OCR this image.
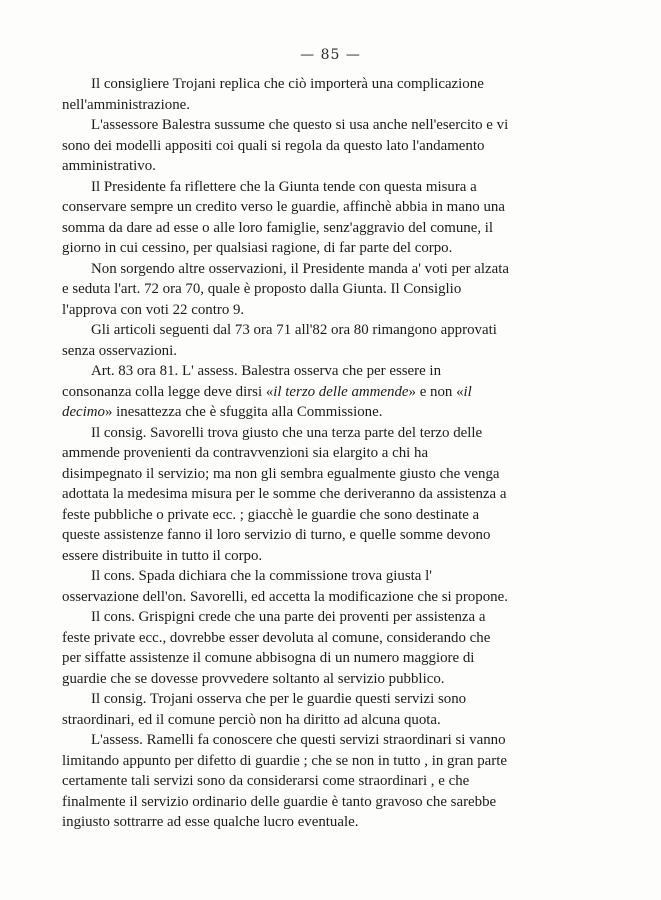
— 85 —

Il consigliere Trojani replica che ciò importerà una complicazione nell'amministrazione.

L'assessore Balestra sussume che questo si usa anche nell'esercito e vi sono dei modelli appositi coi quali si regola da questo lato l'andamento amministrativo.

Il Presidente fa riflettere che la Giunta tende con questa misura a conservare sempre un credito verso le guardie, affinchè abbia in mano una somma da dare ad esse o alle loro famiglie, senz'aggravio del comune, il giorno in cui cessino, per qualsiasi ragione, di far parte del corpo.

Non sorgendo altre osservazioni, il Presidente manda a' voti per alzata e seduta l'art. 72 ora 70, quale è proposto dalla Giunta. Il Consiglio l'approva con voti 22 contro 9.

Gli articoli seguenti dal 73 ora 71 all'82 ora 80 rimangono approvati senza osservazioni.

Art. 83 ora 81. L' assess. Balestra osserva che per essere in consonanza colla legge deve dirsi «il terzo delle ammende» e non «il decimo» inesattezza che è sfuggita alla Commissione.

Il consig. Savorelli trova giusto che una terza parte del terzo delle ammende provenienti da contravvenzioni sia elargito a chi ha disimpegnato il servizio; ma non gli sembra egualmente giusto che venga adottata la medesima misura per le somme che deriveranno da assistenza a feste pubbliche o private ecc. ; giacchè le guardie che sono destinate a queste assistenze fanno il loro servizio di turno, e quelle somme devono essere distribuite in tutto il corpo.

Il cons. Spada dichiara che la commissione trova giusta l' osservazione dell'on. Savorelli, ed accetta la modificazione che si propone.

Il cons. Grispigni crede che una parte dei proventi per assistenza a feste private ecc., dovrebbe esser devoluta al comune, considerando che per siffatte assistenze il comune abbisogna di un numero maggiore di guardie che se dovesse provvedere soltanto al servizio pubblico.

Il consig. Trojani osserva che per le guardie questi servizi sono straordinari, ed il comune perciò non ha diritto ad alcuna quota.

L'assess. Ramelli fa conoscere che questi servizi straordinari si vanno limitando appunto per difetto di guardie ; che se non in tutto , in gran parte certamente tali servizi sono da considerarsi come straordinari , e che finalmente il servizio ordinario delle guardie è tanto gravoso che sarebbe ingiusto sottrarre ad esse qualche lucro eventuale.
